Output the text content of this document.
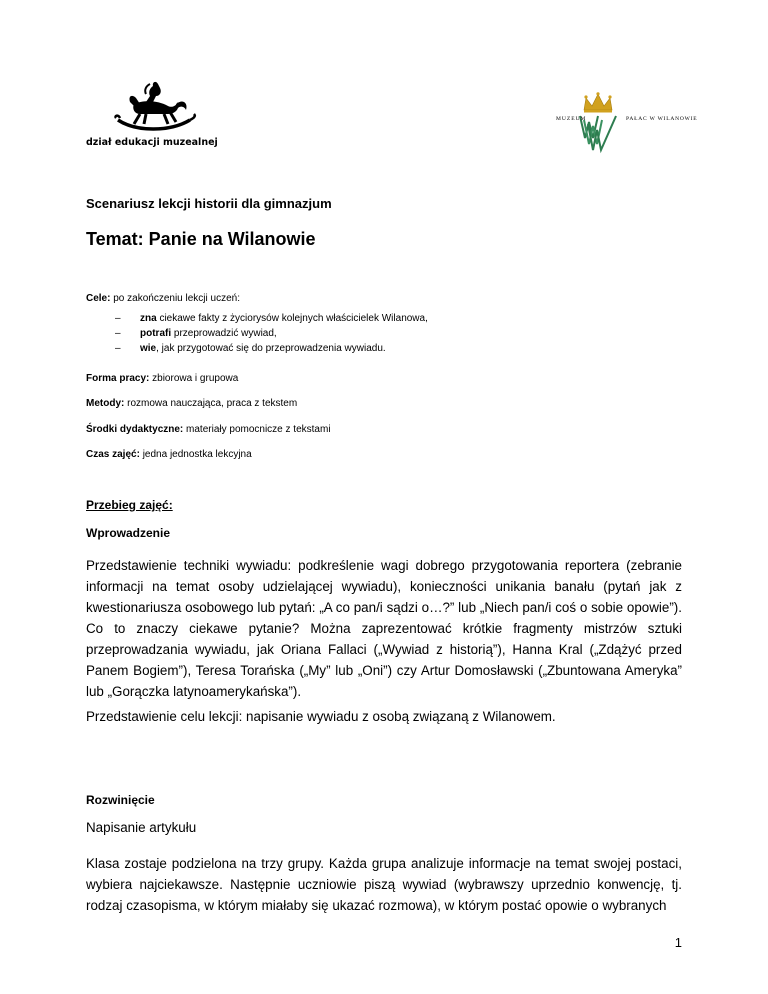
dział edukacji muzealnej
MUZEUM	PAŁAC W WILANOWIE
Scenariusz lekcji historii dla gimnazjum
Temat: Panie na Wilanowie
Cele: po zakończeniu lekcji uczeń:
– zna ciekawe fakty z życiorysów kolejnych właścicielek Wilanowa,
– potrafi przeprowadzić wywiad,
– wie, jak przygotować się do przeprowadzenia wywiadu.
Forma pracy: zbiorowa i grupowa
Metody: rozmowa nauczająca, praca z tekstem
Środki dydaktyczne: materiały pomocnicze z tekstami
Czas zajęć: jedna jednostka lekcyjna
Przebieg zajęć:
Wprowadzenie
Przedstawienie techniki wywiadu: podkreślenie wagi dobrego przygotowania reportera (zebranie informacji na temat osoby udzielającej wywiadu), konieczności unikania banału (pytań jak z kwestionariusza osobowego lub pytań: „A co pan/i sądzi o…?” lub „Niech pan/i coś o sobie opowie”). Co to znaczy ciekawe pytanie? Można zaprezentować krótkie fragmenty mistrzów sztuki przeprowadzania wywiadu, jak Oriana Fallaci („Wywiad z historią”), Hanna Kral („Zdążyć przed Panem Bogiem”), Teresa Torańska („My” lub „Oni”) czy Artur Domosławski („Zbuntowana Ameryka” lub „Gorączka latynoamerykańska”).
Przedstawienie celu lekcji: napisanie wywiadu z osobą związaną z Wilanowem.
Rozwinięcie
Napisanie artykułu
Klasa zostaje podzielona na trzy grupy. Każda grupa analizuje informacje na temat swojej postaci, wybiera najciekawsze. Następnie uczniowie piszą wywiad (wybrawszy uprzednio konwencję, tj. rodzaj czasopisma, w którym miałaby się ukazać rozmowa), w którym postać opowie o wybranych
1
